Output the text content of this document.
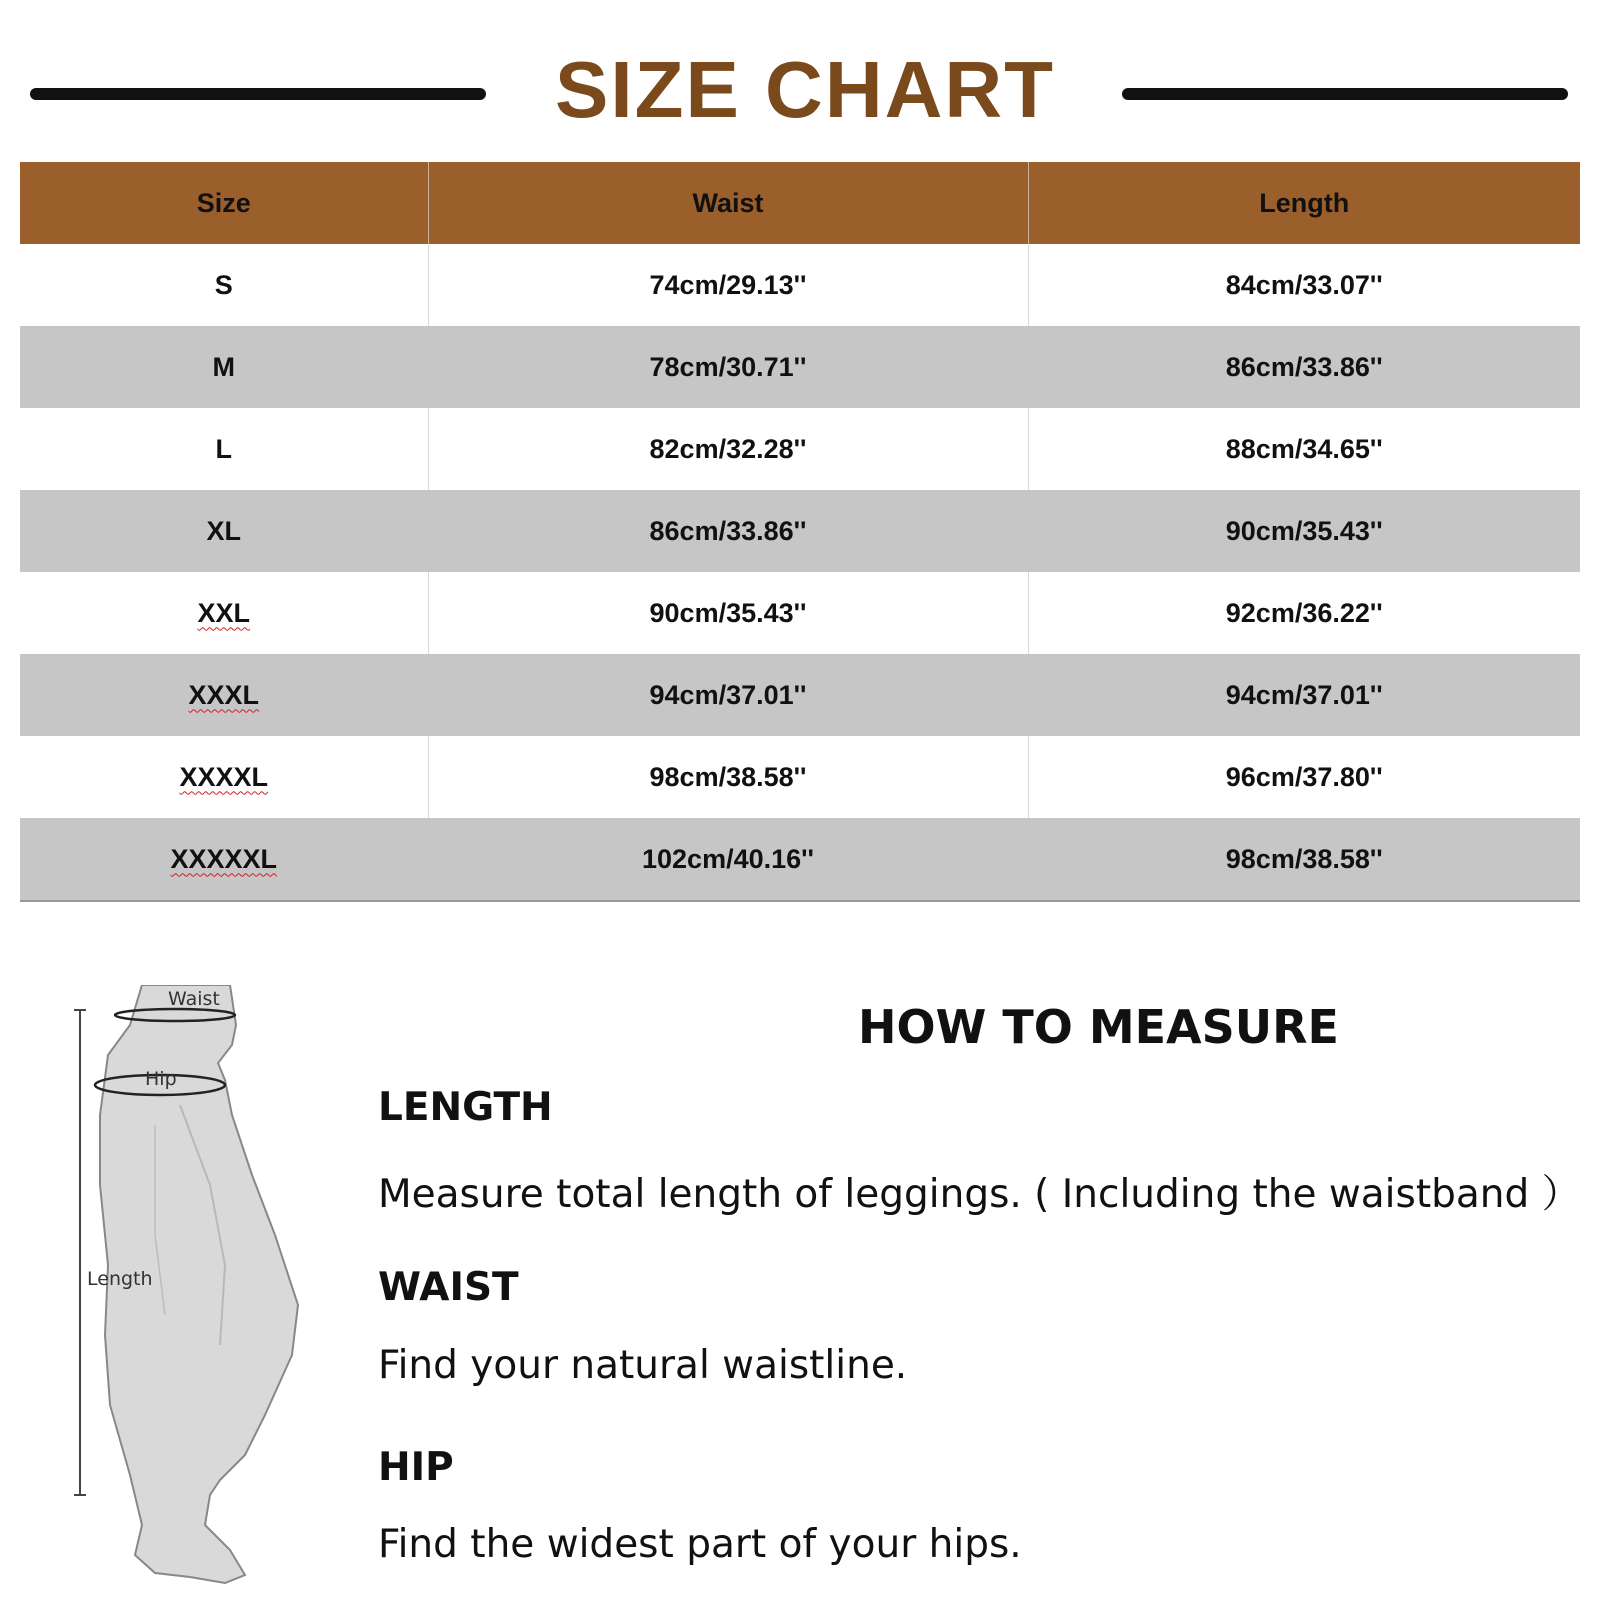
SIZE CHART
Size	Waist	Length
S	74cm/29.13''	84cm/33.07''
M	78cm/30.71''	86cm/33.86''
L	82cm/32.28''	88cm/34.65''
XL	86cm/33.86''	90cm/35.43''
XXL	90cm/35.43''	92cm/36.22''
XXXL	94cm/37.01''	94cm/37.01''
XXXXL	98cm/38.58''	96cm/37.80''
XXXXXL	102cm/40.16''	98cm/38.58''
Waist
Hip
Length
HOW TO MEASURE
LENGTH
Measure total length of leggings. ( Including the waistband ）
WAIST
Find your natural waistline.
HIP
Find the widest part of your hips.
